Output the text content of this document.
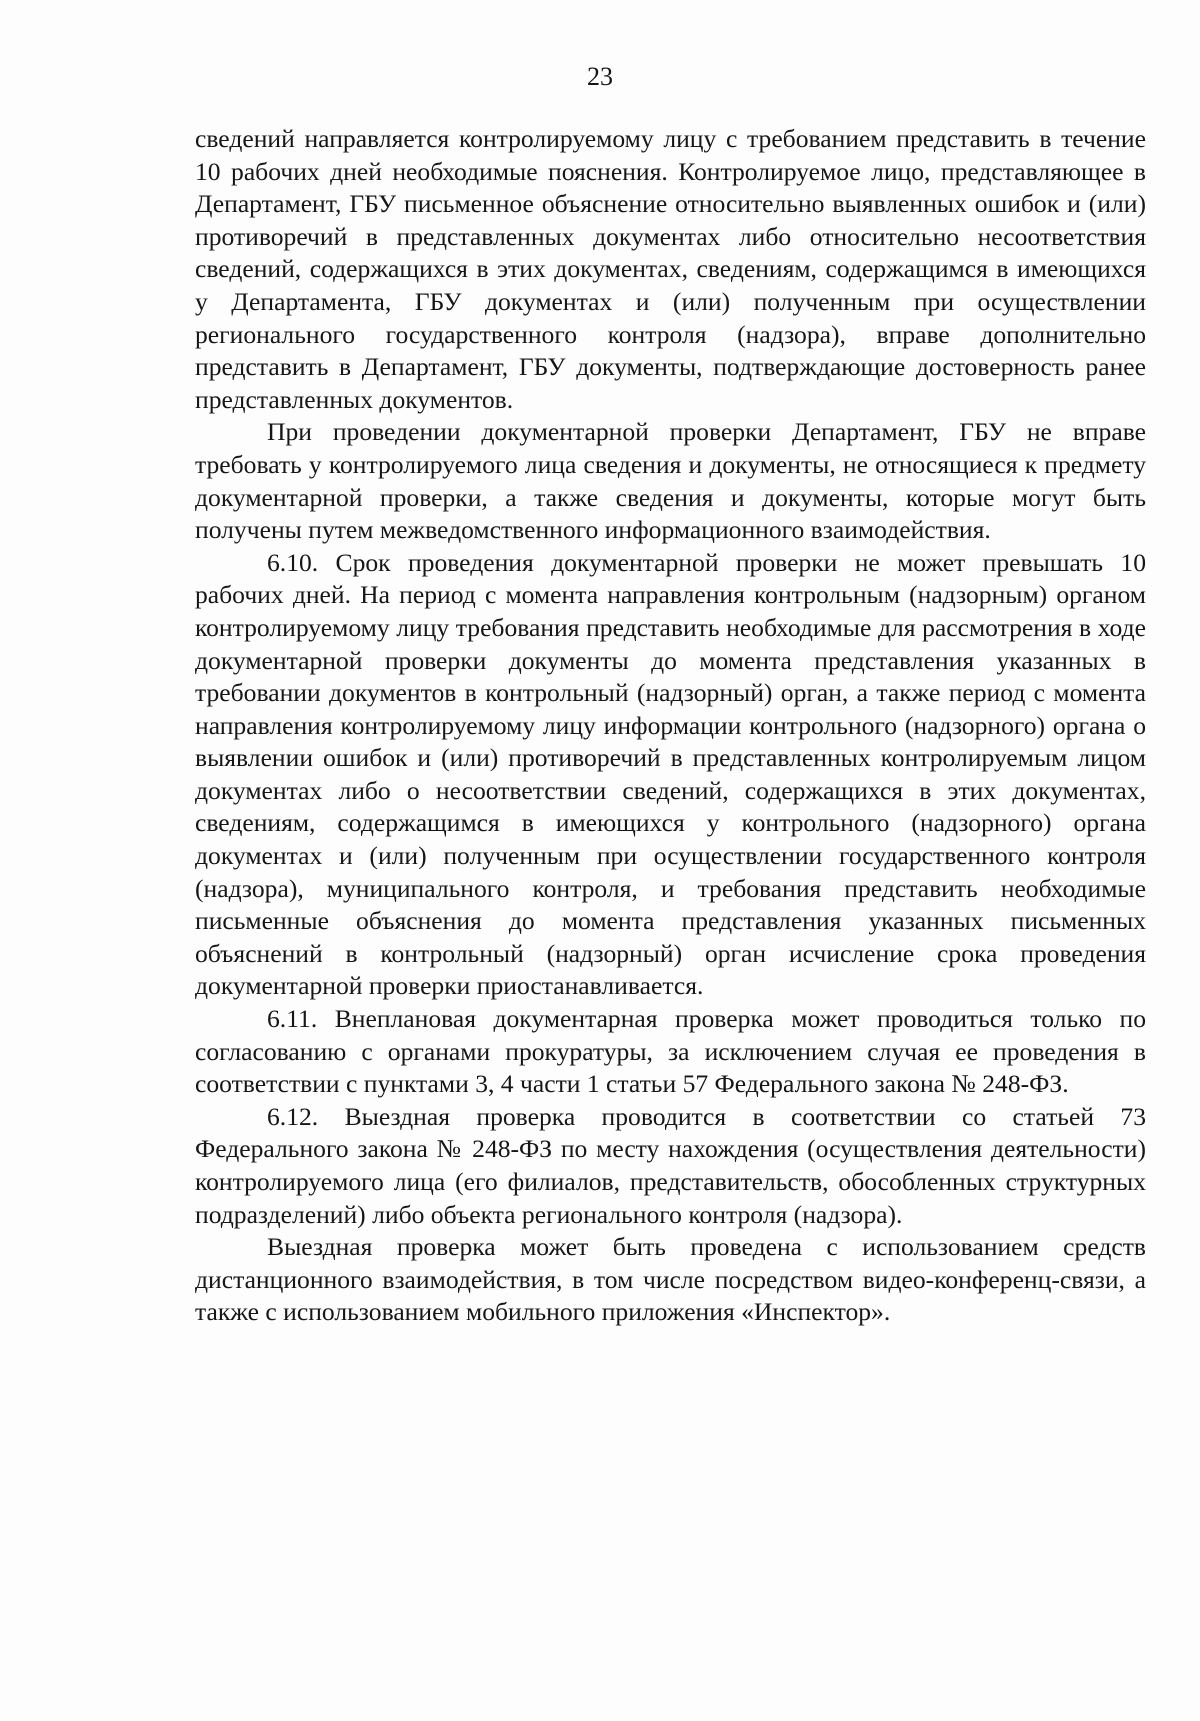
23

сведений направляется контролируемому лицу с требованием представить в течение 10 рабочих дней необходимые пояснения. Контролируемое лицо, представляющее в Департамент, ГБУ письменное объяснение относительно выявленных ошибок и (или) противоречий в представленных документах либо относительно несоответствия сведений, содержащихся в этих документах, сведениям, содержащимся в имеющихся у Департамента, ГБУ документах и (или) полученным при осуществлении регионального государственного контроля (надзора), вправе дополнительно представить в Департамент, ГБУ документы, подтверждающие достоверность ранее представленных документов.

При проведении документарной проверки Департамент, ГБУ не вправе требовать у контролируемого лица сведения и документы, не относящиеся к предмету документарной проверки, а также сведения и документы, которые могут быть получены путем межведомственного информационного взаимодействия.

6.10. Срок проведения документарной проверки не может превышать 10 рабочих дней. На период с момента направления контрольным (надзорным) органом контролируемому лицу требования представить необходимые для рассмотрения в ходе документарной проверки документы до момента представления указанных в требовании документов в контрольный (надзорный) орган, а также период с момента направления контролируемому лицу информации контрольного (надзорного) органа о выявлении ошибок и (или) противоречий в представленных контролируемым лицом документах либо о несоответствии сведений, содержащихся в этих документах, сведениям, содержащимся в имеющихся у контрольного (надзорного) органа документах и (или) полученным при осуществлении государственного контроля (надзора), муниципального контроля, и требования представить необходимые письменные объяснения до момента представления указанных письменных объяснений в контрольный (надзорный) орган исчисление срока проведения документарной проверки приостанавливается.

6.11. Внеплановая документарная проверка может проводиться только по согласованию с органами прокуратуры, за исключением случая ее проведения в соответствии с пунктами 3, 4 части 1 статьи 57 Федерального закона № 248-ФЗ.

6.12. Выездная проверка проводится в соответствии со статьей 73 Федерального закона № 248-ФЗ по месту нахождения (осуществления деятельности) контролируемого лица (его филиалов, представительств, обособленных структурных подразделений) либо объекта регионального контроля (надзора).

Выездная проверка может быть проведена с использованием средств дистанционного взаимодействия, в том числе посредством видео-конференц-связи, а также с использованием мобильного приложения «Инспектор».
